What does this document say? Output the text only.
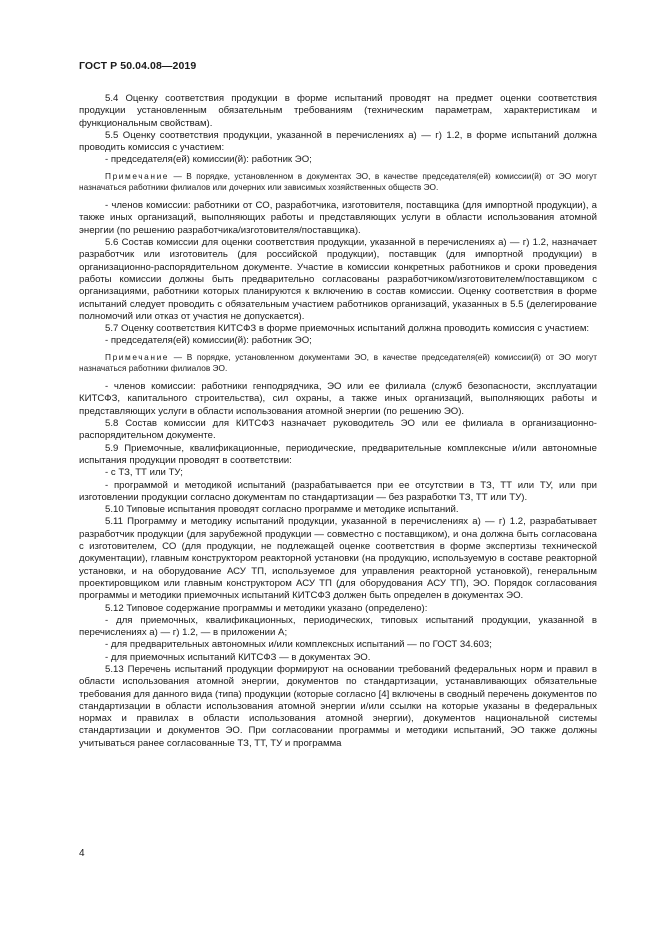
ГОСТ Р 50.04.08—2019

5.4 Оценку соответствия продукции в форме испытаний проводят на предмет оценки соответствия продукции установленным обязательным требованиям (техническим параметрам, характеристикам и функциональным свойствам).

5.5 Оценку соответствия продукции, указанной в перечислениях а) — г) 1.2, в форме испытаний должна проводить комиссия с участием:

- председателя(ей) комиссии(й): работник ЭО;

Примечание — В порядке, установленном в документах ЭО, в качестве председателя(ей) комиссии(й) от ЭО могут назначаться работники филиалов или дочерних или зависимых хозяйственных обществ ЭО.

- членов комиссии: работники от СО, разработчика, изготовителя, поставщика (для импортной продукции), а также иных организаций, выполняющих работы и представляющих услуги в области использования атомной энергии (по решению разработчика/изготовителя/поставщика).

5.6 Состав комиссии для оценки соответствия продукции, указанной в перечислениях а) — г) 1.2, назначает разработчик или изготовитель (для российской продукции), поставщик (для импортной продукции) в организационно-распорядительном документе. Участие в комиссии конкретных работников и сроки проведения работы комиссии должны быть предварительно согласованы разработчиком/изготовителем/поставщиком с организациями, работники которых планируются к включению в состав комиссии. Оценку соответствия в форме испытаний следует проводить с обязательным участием работников организаций, указанных в 5.5 (делегирование полномочий или отказ от участия не допускается).

5.7 Оценку соответствия КИТСФЗ в форме приемочных испытаний должна проводить комиссия с участием:

- председателя(ей) комиссии(й): работник ЭО;

Примечание — В порядке, установленном документами ЭО, в качестве председателя(ей) комиссии(й) от ЭО могут назначаться работники филиалов ЭО.

- членов комиссии: работники генподрядчика, ЭО или ее филиала (служб безопасности, эксплуатации КИТСФЗ, капитального строительства), сил охраны, а также иных организаций, выполняющих работы и представляющих услуги в области использования атомной энергии (по решению ЭО).

5.8 Состав комиссии для КИТСФЗ назначает руководитель ЭО или ее филиала в организационно-распорядительном документе.

5.9 Приемочные, квалификационные, периодические, предварительные комплексные и/или автономные испытания продукции проводят в соответствии:

- с ТЗ, ТТ или ТУ;

- программой и методикой испытаний (разрабатывается при ее отсутствии в ТЗ, ТТ или ТУ, или при изготовлении продукции согласно документам по стандартизации — без разработки ТЗ, ТТ или ТУ).

5.10 Типовые испытания проводят согласно программе и методике испытаний.

5.11 Программу и методику испытаний продукции, указанной в перечислениях а) — г) 1.2, разрабатывает разработчик продукции (для зарубежной продукции — совместно с поставщиком), и она должна быть согласована с изготовителем, СО (для продукции, не подлежащей оценке соответствия в форме экспертизы технической документации), главным конструктором реакторной установки (на продукцию, используемую в составе реакторной установки, и на оборудование АСУ ТП, используемое для управления реакторной установкой), генеральным проектировщиком или главным конструктором АСУ ТП (для оборудования АСУ ТП), ЭО. Порядок согласования программы и методики приемочных испытаний КИТСФЗ должен быть определен в документах ЭО.

5.12 Типовое содержание программы и методики указано (определено):

- для приемочных, квалификационных, периодических, типовых испытаний продукции, указанной в перечислениях а) — г) 1.2, — в приложении А;

- для предварительных автономных и/или комплексных испытаний — по ГОСТ 34.603;

- для приемочных испытаний КИТСФЗ — в документах ЭО.

5.13 Перечень испытаний продукции формируют на основании требований федеральных норм и правил в области использования атомной энергии, документов по стандартизации, устанавливающих обязательные требования для данного вида (типа) продукции (которые согласно [4] включены в сводный перечень документов по стандартизации в области использования атомной энергии и/или ссылки на которые указаны в федеральных нормах и правилах в области использования атомной энергии), документов национальной системы стандартизации и документов ЭО. При согласовании программы и методики испытаний, ЭО также должны учитываться ранее согласованные ТЗ, ТТ, ТУ и программа

4
